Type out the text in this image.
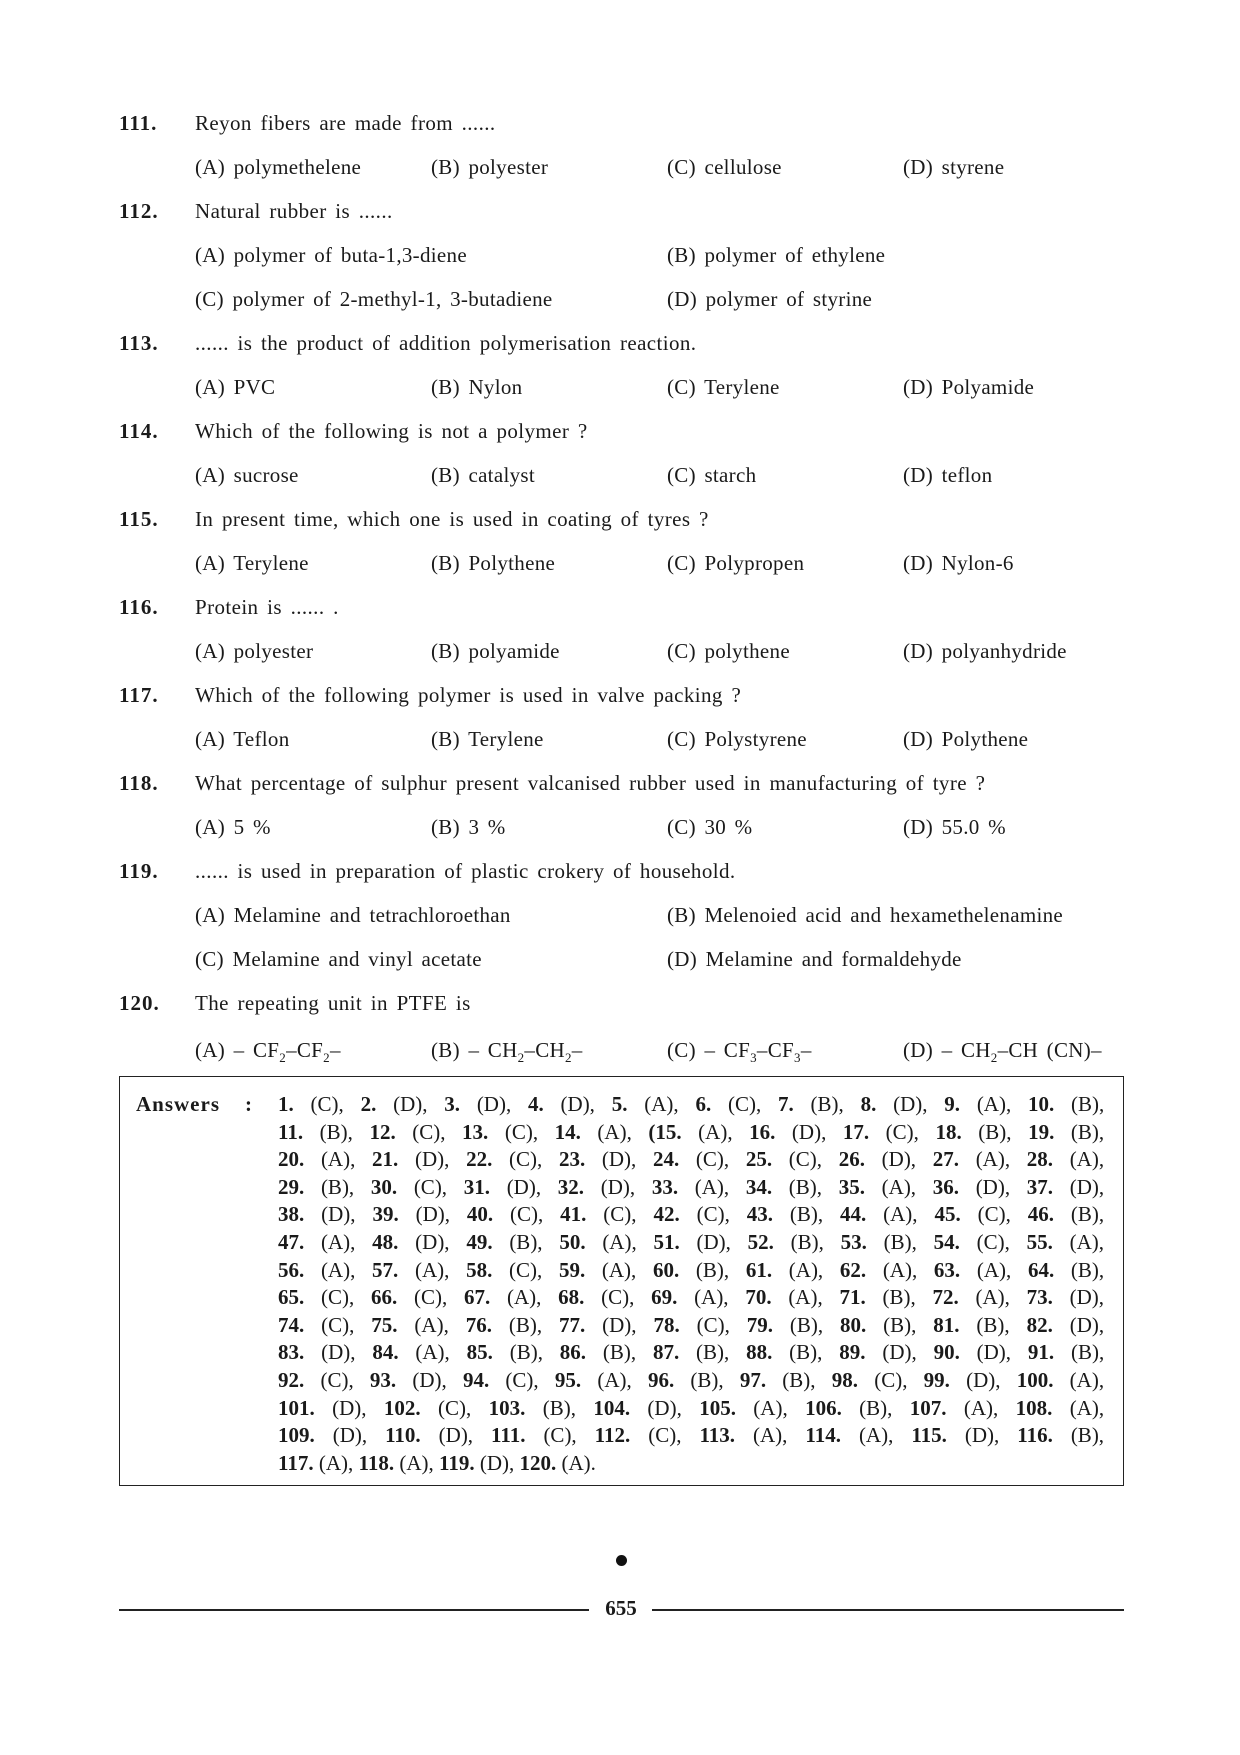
111. Reyon fibers are made from ......
(A) polymethelene	(B) polyester	(C) cellulose	(D) styrene
112. Natural rubber is ......
(A) polymer of buta-1,3-diene	(B) polymer of ethylene
(C) polymer of 2-methyl-1, 3-butadiene	(D) polymer of styrine
113. ...... is the product of addition polymerisation reaction.
(A) PVC	(B) Nylon	(C) Terylene	(D) Polyamide
114. Which of the following is not a polymer ?
(A) sucrose	(B) catalyst	(C) starch	(D) teflon
115. In present time, which one is used in coating of tyres ?
(A) Terylene	(B) Polythene	(C) Polypropen	(D) Nylon-6
116. Protein is ...... .
(A) polyester	(B) polyamide	(C) polythene	(D) polyanhydride
117. Which of the following polymer is used in valve packing ?
(A) Teflon	(B) Terylene	(C) Polystyrene	(D) Polythene
118. What percentage of sulphur present valcanised rubber used in manufacturing of tyre ?
(A) 5 %	(B) 3 %	(C) 30 %	(D) 55.0 %
119. ...... is used in preparation of plastic crokery of household.
(A) Melamine and tetrachloroethan	(B) Melenoied acid and hexamethelenamine
(C) Melamine and vinyl acetate	(D) Melamine and formaldehyde
120. The repeating unit in PTFE is
$(A) - CF_2-CF_2-$	$(B) - CH_2-CH_2-$	$(C) - CF_3-CF_3-$	$(D) - CH_2-CH$ (CN)–
Answers : 1. (C), 2. (D), 3. (D), 4. (D), 5. (A), 6. (C), 7. (B), 8. (D), 9. (A), 10. (B),
11. (B), 12. (C), 13. (C), 14. (A), (15. (A), 16. (D), 17. (C), 18. (B), 19. (B),
20. (A), 21. (D), 22. (C), 23. (D), 24. (C), 25. (C), 26. (D), 27. (A), 28. (A),
29. (B), 30. (C), 31. (D), 32. (D), 33. (A), 34. (B), 35. (A), 36. (D), 37. (D),
38. (D), 39. (D), 40. (C), 41. (C), 42. (C), 43. (B), 44. (A), 45. (C), 46. (B),
47. (A), 48. (D), 49. (B), 50. (A), 51. (D), 52. (B), 53. (B), 54. (C), 55. (A),
56. (A), 57. (A), 58. (C), 59. (A), 60. (B), 61. (A), 62. (A), 63. (A), 64. (B),
65. (C), 66. (C), 67. (A), 68. (C), 69. (A), 70. (A), 71. (B), 72. (A), 73. (D),
74. (C), 75. (A), 76. (B), 77. (D), 78. (C), 79. (B), 80. (B), 81. (B), 82. (D),
83. (D), 84. (A), 85. (B), 86. (B), 87. (B), 88. (B), 89. (D), 90. (D), 91. (B),
92. (C), 93. (D), 94. (C), 95. (A), 96. (B), 97. (B), 98. (C), 99. (D), 100. (A),
101. (D), 102. (C), 103. (B), 104. (D), 105. (A), 106. (B), 107. (A), 108. (A),
109. (D), 110. (D), 111. (C), 112. (C), 113. (A), 114. (A), 115. (D), 116. (B),
117. (A), 118. (A), 119. (D), 120. (A).
655
